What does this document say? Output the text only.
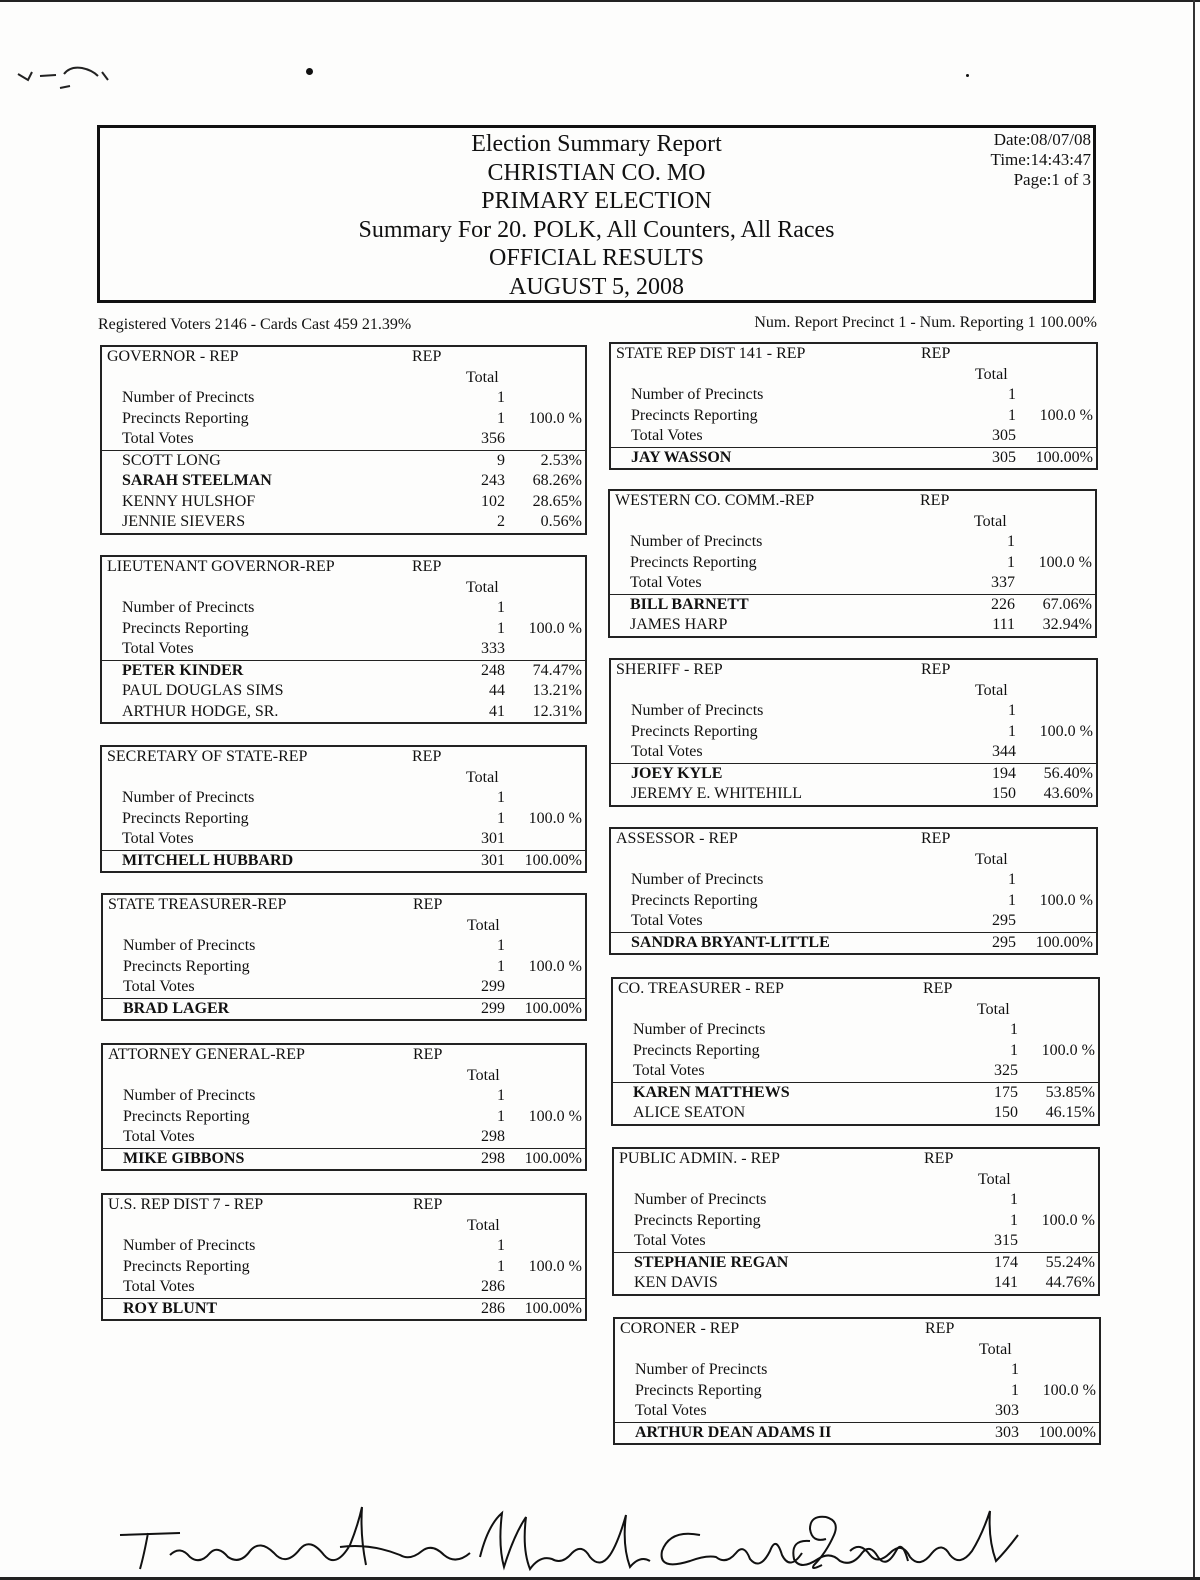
Election Summary Report
CHRISTIAN CO. MO
PRIMARY ELECTION
Summary For 20. POLK, All Counters, All Races
OFFICIAL RESULTS
AUGUST 5, 2008
Date:08/07/08
Time:14:43:47
Page:1 of 3
Registered Voters 2146 - Cards Cast 459 21.39%	Num. Report Precinct 1 - Num. Reporting 1 100.00%
GOVERNOR - REP	REP
Total
Number of Precincts	1
Precincts Reporting	1 100.0 %
Total Votes	356
SCOTT LONG	9 2.53%
SARAH STEELMAN	243 68.26%
KENNY HULSHOF	102 28.65%
JENNIE SIEVERS	2 0.56%
LIEUTENANT GOVERNOR-REP	REP
Total
Number of Precincts	1
Precincts Reporting	1 100.0 %
Total Votes	333
PETER KINDER	248 74.47%
PAUL DOUGLAS SIMS	44 13.21%
ARTHUR HODGE, SR.	41 12.31%
SECRETARY OF STATE-REP	REP
Total
Number of Precincts	1
Precincts Reporting	1 100.0 %
Total Votes	301
MITCHELL HUBBARD	301 100.00%
STATE TREASURER-REP	REP
Total
Number of Precincts	1
Precincts Reporting	1 100.0 %
Total Votes	299
BRAD LAGER	299 100.00%
ATTORNEY GENERAL-REP	REP
Total
Number of Precincts	1
Precincts Reporting	1 100.0 %
Total Votes	298
MIKE GIBBONS	298 100.00%
U.S. REP DIST 7 - REP	REP
Total
Number of Precincts	1
Precincts Reporting	1 100.0 %
Total Votes	286
ROY BLUNT	286 100.00%
STATE REP DIST 141 - REP	REP
Total
Number of Precincts	1
Precincts Reporting	1 100.0 %
Total Votes	305
JAY WASSON	305 100.00%
WESTERN CO. COMM.-REP	REP
Total
Number of Precincts	1
Precincts Reporting	1 100.0 %
Total Votes	337
BILL BARNETT	226 67.06%
JAMES HARP	111 32.94%
SHERIFF - REP	REP
Total
Number of Precincts	1
Precincts Reporting	1 100.0 %
Total Votes	344
JOEY KYLE	194 56.40%
JEREMY E. WHITEHILL	150 43.60%
ASSESSOR - REP	REP
Total
Number of Precincts	1
Precincts Reporting	1 100.0 %
Total Votes	295
SANDRA BRYANT-LITTLE	295 100.00%
CO. TREASURER - REP	REP
Total
Number of Precincts	1
Precincts Reporting	1 100.0 %
Total Votes	325
KAREN MATTHEWS	175 53.85%
ALICE SEATON	150 46.15%
PUBLIC ADMIN. - REP	REP
Total
Number of Precincts	1
Precincts Reporting	1 100.0 %
Total Votes	315
STEPHANIE REGAN	174 55.24%
KEN DAVIS	141 44.76%
CORONER - REP	REP
Total
Number of Precincts	1
Precincts Reporting	1 100.0 %
Total Votes	303
ARTHUR DEAN ADAMS II	303 100.00%
